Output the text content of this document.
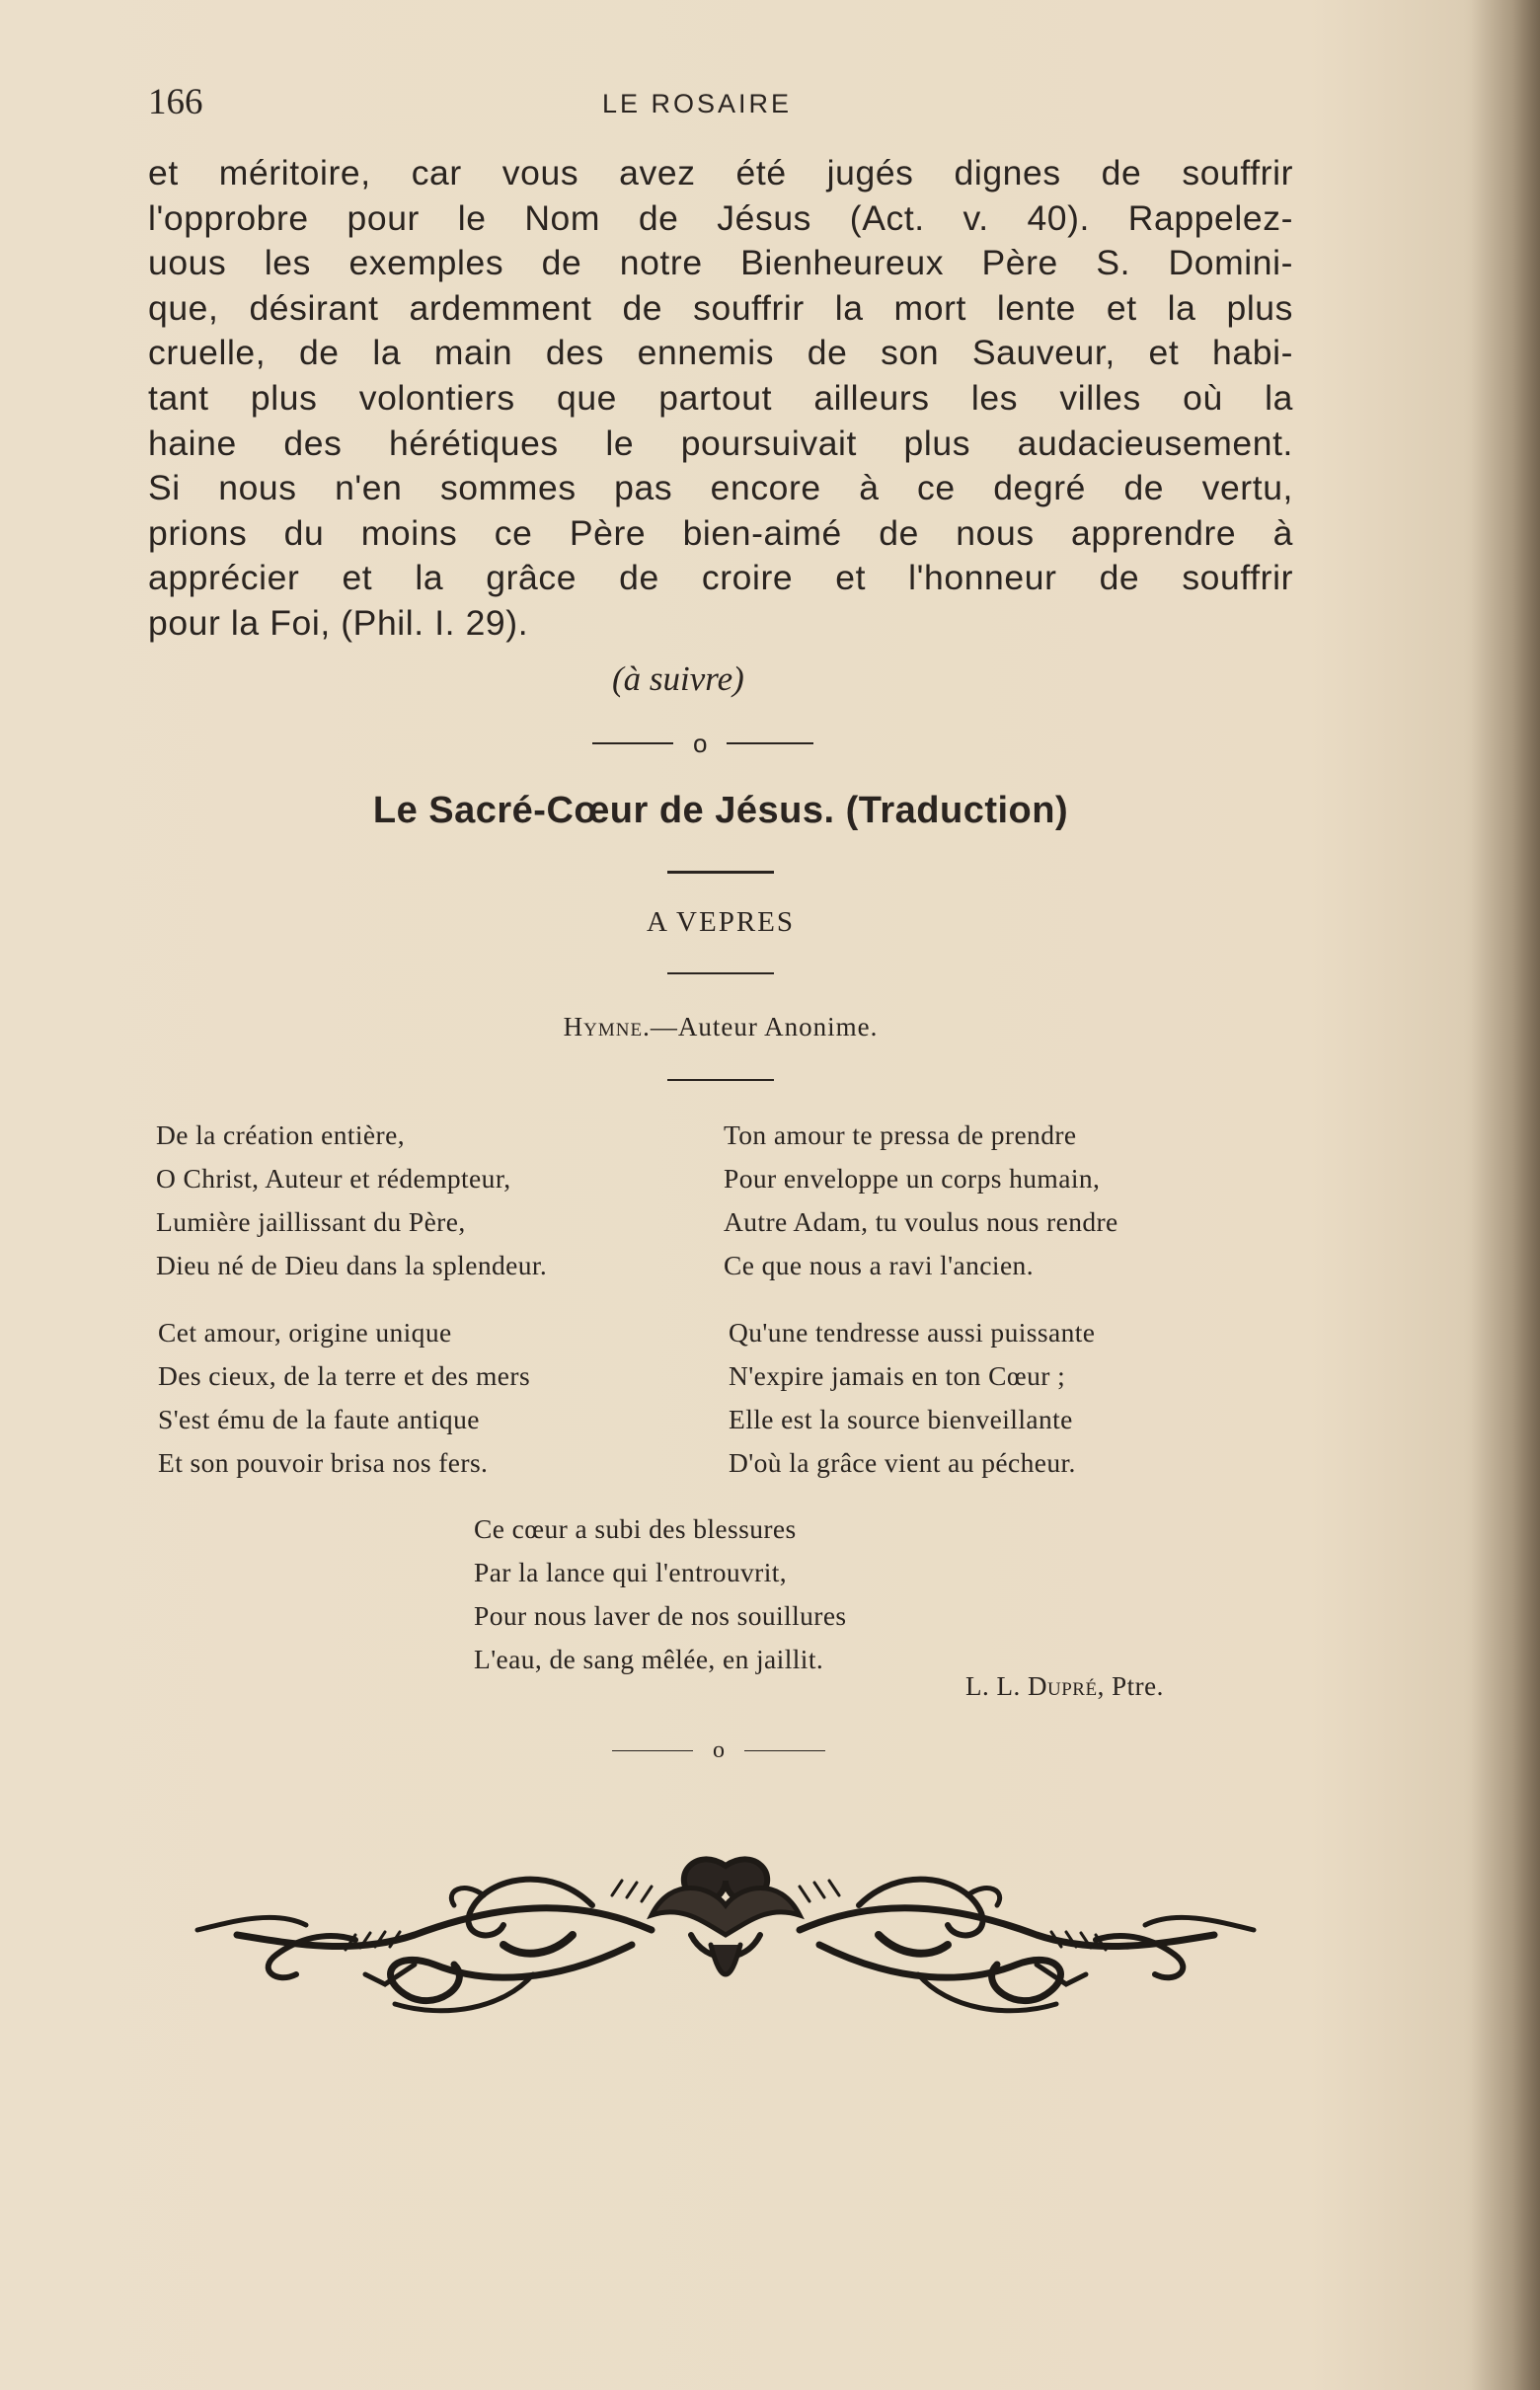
166	LE ROSAIRE
et méritoire, car vous avez été jugés dignes de souffrir
l'opprobre pour le Nom de Jésus (Act. v. 40). Rappelez-
uous les exemples de notre Bienheureux Père S. Domini-
que, désirant ardemment de souffrir la mort lente et la plus
cruelle, de la main des ennemis de son Sauveur, et habi-
tant plus volontiers que partout ailleurs les villes où la
haine des hérétiques le poursuivait plus audacieusement.
Si nous n'en sommes pas encore à ce degré de vertu,
prions du moins ce Père bien-aimé de nous apprendre à
apprécier et la grâce de croire et l'honneur de souffrir
pour la Foi, (Phil. I. 29).
(à suivre)
o
Le Sacré-Cœur de Jésus. (Traduction)
A VEPRES
Hymne.—Auteur Anonime.
De la création entière,
O Christ, Auteur et rédempteur,
Lumière jaillissant du Père,
Dieu né de Dieu dans la splendeur.
Ton amour te pressa de prendre
Pour enveloppe un corps humain,
Autre Adam, tu voulus nous rendre
Ce que nous a ravi l'ancien.
Cet amour, origine unique
Des cieux, de la terre et des mers
S'est ému de la faute antique
Et son pouvoir brisa nos fers.
Qu'une tendresse aussi puissante
N'expire jamais en ton Cœur ;
Elle est la source bienveillante
D'où la grâce vient au pécheur.
Ce cœur a subi des blessures
Par la lance qui l'entrouvrit,
Pour nous laver de nos souillures
L'eau, de sang mêlée, en jaillit.
L. L. Dupré, Ptre.
o
